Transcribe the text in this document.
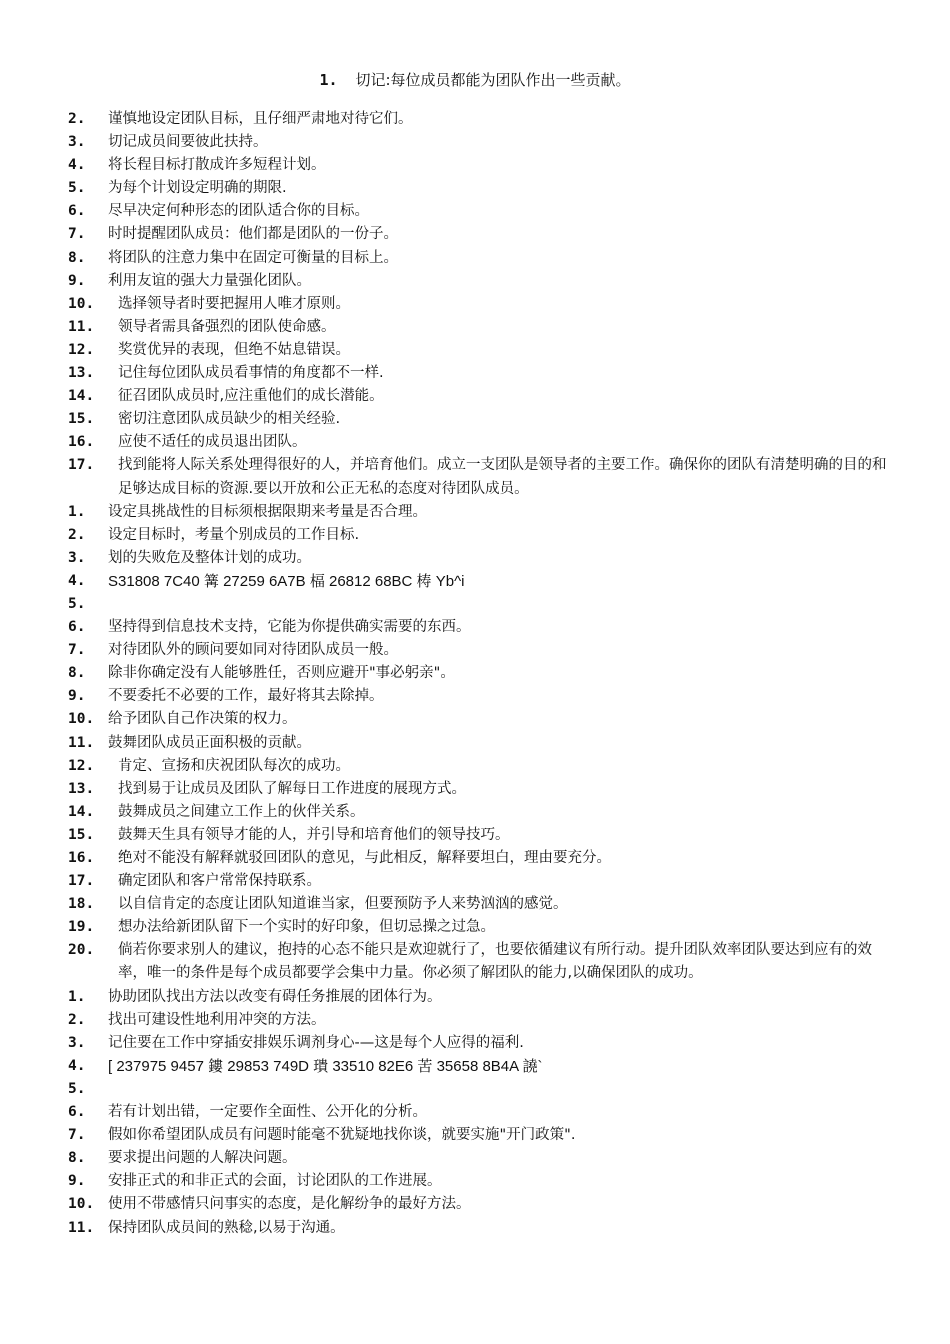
1. 切记:每位成员都能为团队作出一些贡献。
2.	谨慎地设定团队目标，且仔细严肃地对待它们。
3.	切记成员间要彼此扶持。
4.	将长程目标打散成许多短程计划。
5.	为每个计划设定明确的期限.
6.	尽早决定何种形态的团队适合你的目标。
7.	时时提醒团队成员：他们都是团队的一份子。
8.	将团队的注意力集中在固定可衡量的目标上。
9.	利用友谊的强大力量强化团队。
10.	选择领导者时要把握用人唯才原则。
11.	领导者需具备强烈的团队使命感。
12.	奖赏优异的表现，但绝不姑息错误。
13.	记住每位团队成员看事情的角度都不一样.
14.	征召团队成员时,应注重他们的成长潜能。
15.	密切注意团队成员缺少的相关经验.
16.	应使不适任的成员退出团队。
17.	找到能将人际关系处理得很好的人，并培育他们。成立一支团队是领导者的主要工作。确保你的团队有清楚明确的目的和足够达成目标的资源.要以开放和公正无私的态度对待团队成员。
1.	设定具挑战性的目标须根据限期来考量是否合理。
2.	设定目标时，考量个别成员的工作目标.
3.	划的失败危及整体计划的成功。
4.	S31808 7C40 篝 27259 6A7B 楅 26812 68BC 梼 Yb^i
5.
6.	坚持得到信息技术支持，它能为你提供确实需要的东西。
7.	对待团队外的顾问要如同对待团队成员一般。
8.	除非你确定没有人能够胜任，否则应避开"事必躬亲"。
9.	不要委托不必要的工作，最好将其去除掉。
10. 给予团队自己作决策的权力。
11. 鼓舞团队成员正面积极的贡献。
12.	肯定、宣扬和庆祝团队每次的成功。
13.	找到易于让成员及团队了解每日工作进度的展现方式。
14.	鼓舞成员之间建立工作上的伙伴关系。
15.	鼓舞天生具有领导才能的人，并引导和培育他们的领导技巧。
16.	绝对不能没有解释就驳回团队的意见，与此相反，解释要坦白，理由要充分。
17.	确定团队和客户常常保持联系。
18.	以自信肯定的态度让团队知道谁当家，但要预防予人来势汹汹的感觉。
19.	想办法给新团队留下一个实时的好印象，但切忌操之过急。
20.	倘若你要求别人的建议，抱持的心态不能只是欢迎就行了，也要依循建议有所行动。提升团队效率团队要达到应有的效率，唯一的条件是每个成员都要学会集中力量。你必须了解团队的能力,以确保团队的成功。
1.	协助团队找出方法以改变有碍任务推展的团体行为。
2.	找出可建设性地利用冲突的方法。
3.	记住要在工作中穿插安排娱乐调剂身心-—这是每个人应得的福利.
4.	[ 237975 9457 鏤 29853 749D 璝 33510 82E6 苦 35658 8B4A 譊`
5.
6.	若有计划出错，一定要作全面性、公开化的分析。
7.	假如你希望团队成员有问题时能毫不犹疑地找你谈，就要实施"开门政策".
8.	要求提出问题的人解决问题。
9.	安排正式的和非正式的会面，讨论团队的工作进展。
10. 使用不带感情只问事实的态度，是化解纷争的最好方法。
11. 保持团队成员间的熟稔,以易于沟通。
